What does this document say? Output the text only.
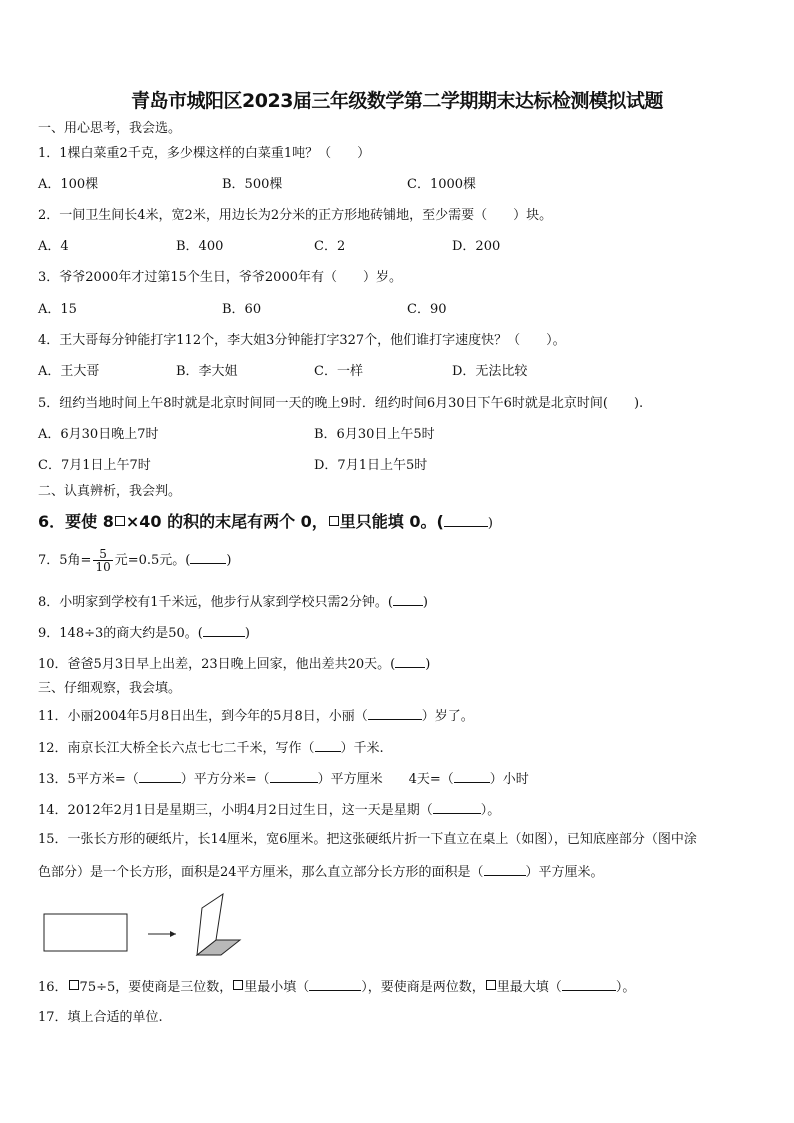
青岛市城阳区2023届三年级数学第二学期期末达标检测模拟试题
一、用心思考，我会选。
1．1棵白菜重2千克，多少棵这样的白菜重1吨？（　　）
A．100棵	B．500棵	C．1000棵
2．一间卫生间长4米，宽2米，用边长为2分米的正方形地砖铺地，至少需要（　　）块。
A．4	B．400	C．2	D．200
3．爷爷2000年才过第15个生日，爷爷2000年有（　　）岁。
A．15	B．60	C．90
4．王大哥每分钟能打字112个，李大姐3分钟能打字327个，他们谁打字速度快？（　　）。
A．王大哥	B．李大姐	C．一样	D．无法比较
5．纽约当地时间上午8时就是北京时间同一天的晚上9时．纽约时间6月30日下午6时就是北京时间(　　).
A．6月30日晚上7时	B．6月30日上午5时
C．7月1日上午7时	D．7月1日上午5时
二、认真辨析，我会判。
6．要使 8 ×40 的积的末尾有两个 0， 里只能填 0。(	)
7．5角= $\frac{5}{10}$ 元=0.5元。(	)
8．小明家到学校有1千米远，他步行从家到学校只需2分钟。( )
9．148÷3的商大约是50。(	)
10．爸爸5月3日早上出差，23日晚上回家，他出差共20天。( )
三、仔细观察，我会填。
11．小丽2004年5月8日出生，到今年的5月8日，小丽（	）岁了。
12．南京长江大桥全长六点七七二千米，写作（ ）千米.
13．5平方米=（	）平方分米=（	）平方厘米　　4天=（	）小时
14．2012年2月1日是星期三，小明4月2日过生日，这一天是星期（	）。
15．一张长方形的硬纸片，长14厘米，宽6厘米。把这张硬纸片折一下直立在桌上（如图），已知底座部分（图中涂
色部分）是一个长方形，面积是24平方厘米，那么直立部分长方形的面积是（	）平方厘米。
16． 75÷5，要使商是三位数， 里最小填（	），要使商是两位数， 里最大填（	）。
17．填上合适的单位.
